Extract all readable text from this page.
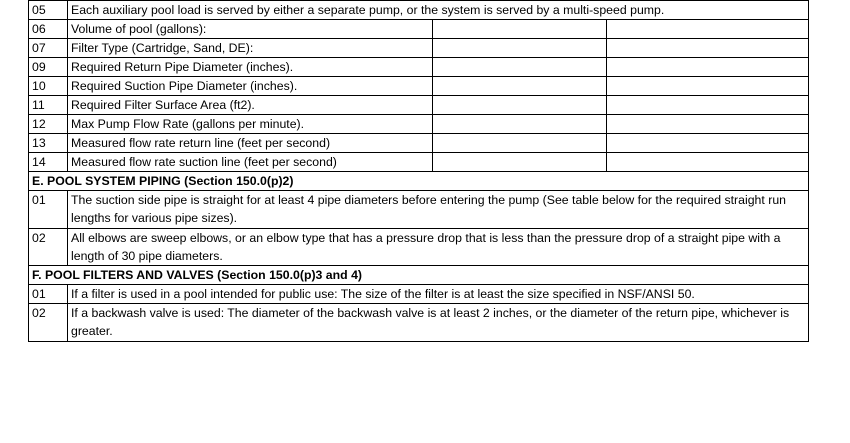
05	Each auxiliary pool load is served by either a separate pump, or the system is served by a multi-speed pump.
06	Volume of pool (gallons):
07	Filter Type (Cartridge, Sand, DE):
09	Required Return Pipe Diameter (inches).
10	Required Suction Pipe Diameter (inches).
11	Required Filter Surface Area (ft2).
12	Max Pump Flow Rate (gallons per minute).
13	Measured flow rate return line (feet per second)
14	Measured flow rate suction line (feet per second)
E. POOL SYSTEM PIPING (Section 150.0(p)2)
01	The suction side pipe is straight for at least 4 pipe diameters before entering the pump (See table below for the required straight run lengths for various pipe sizes).
02	All elbows are sweep elbows, or an elbow type that has a pressure drop that is less than the pressure drop of a straight pipe with a length of 30 pipe diameters.
F. POOL FILTERS AND VALVES (Section 150.0(p)3 and 4)
01	If a filter is used in a pool intended for public use: The size of the filter is at least the size specified in NSF/ANSI 50.
02	If a backwash valve is used: The diameter of the backwash valve is at least 2 inches, or the diameter of the return pipe, whichever is greater.
